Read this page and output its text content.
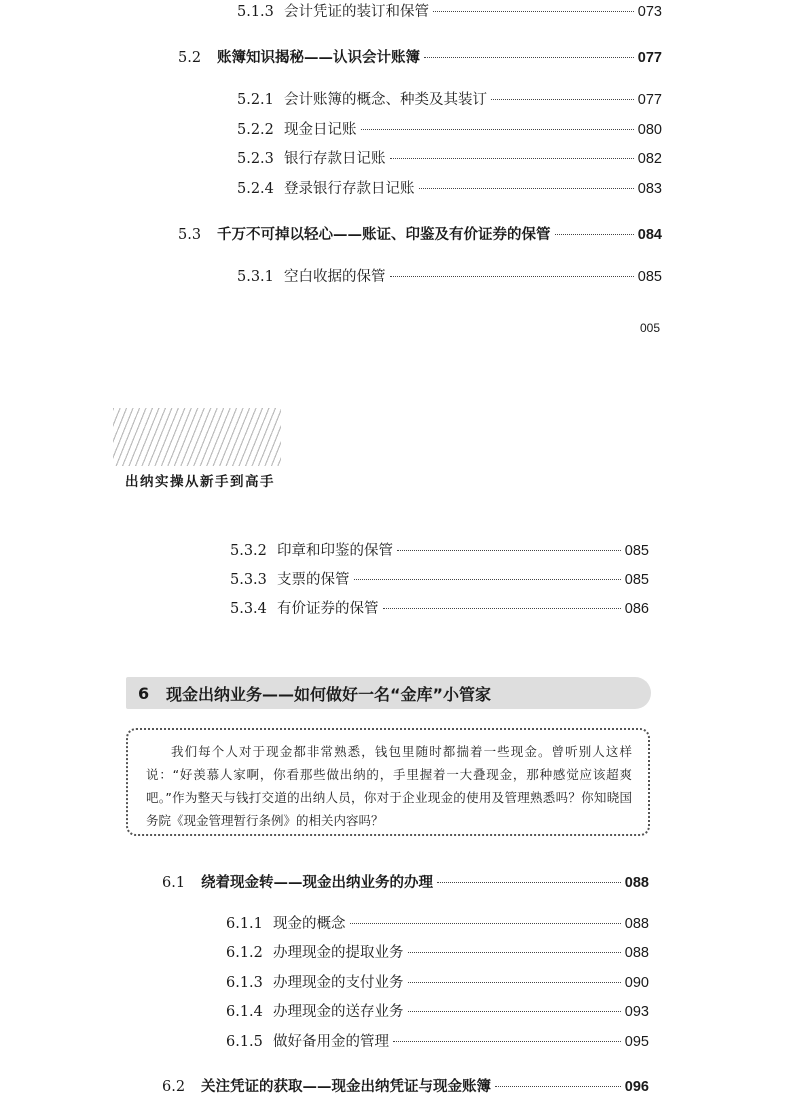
5.1.3 会计凭证的装订和保管	073
5.2	账簿知识揭秘——认识会计账簿	077
5.2.1 会计账簿的概念、种类及其装订	077
5.2.2 现金日记账	080
5.2.3 银行存款日记账	082
5.2.4 登录银行存款日记账	083
5.3	千万不可掉以轻心——账证、印鉴及有价证券的保管	084
5.3.1 空白收据的保管	085
005
出纳实操从新手到高手
5.3.2 印章和印鉴的保管	085
5.3.3 支票的保管	085
5.3.4 有价证券的保管	086
6	现金出纳业务——如何做好一名“金库”小管家
我们每个人对于现金都非常熟悉，钱包里随时都揣着一些现金。曾听别人这样说：“好羡慕人家啊，你看那些做出纳的，手里握着一大叠现金，那种感觉应该超爽吧。”作为整天与钱打交道的出纳人员，你对于企业现金的使用及管理熟悉吗？你知晓国务院《现金管理暂行条例》的相关内容吗？
6.1	绕着现金转——现金出纳业务的办理	088
6.1.1 现金的概念	088
6.1.2 办理现金的提取业务	088
6.1.3 办理现金的支付业务	090
6.1.4 办理现金的送存业务	093
6.1.5 做好备用金的管理	095
6.2	关注凭证的获取——现金出纳凭证与现金账簿	096
